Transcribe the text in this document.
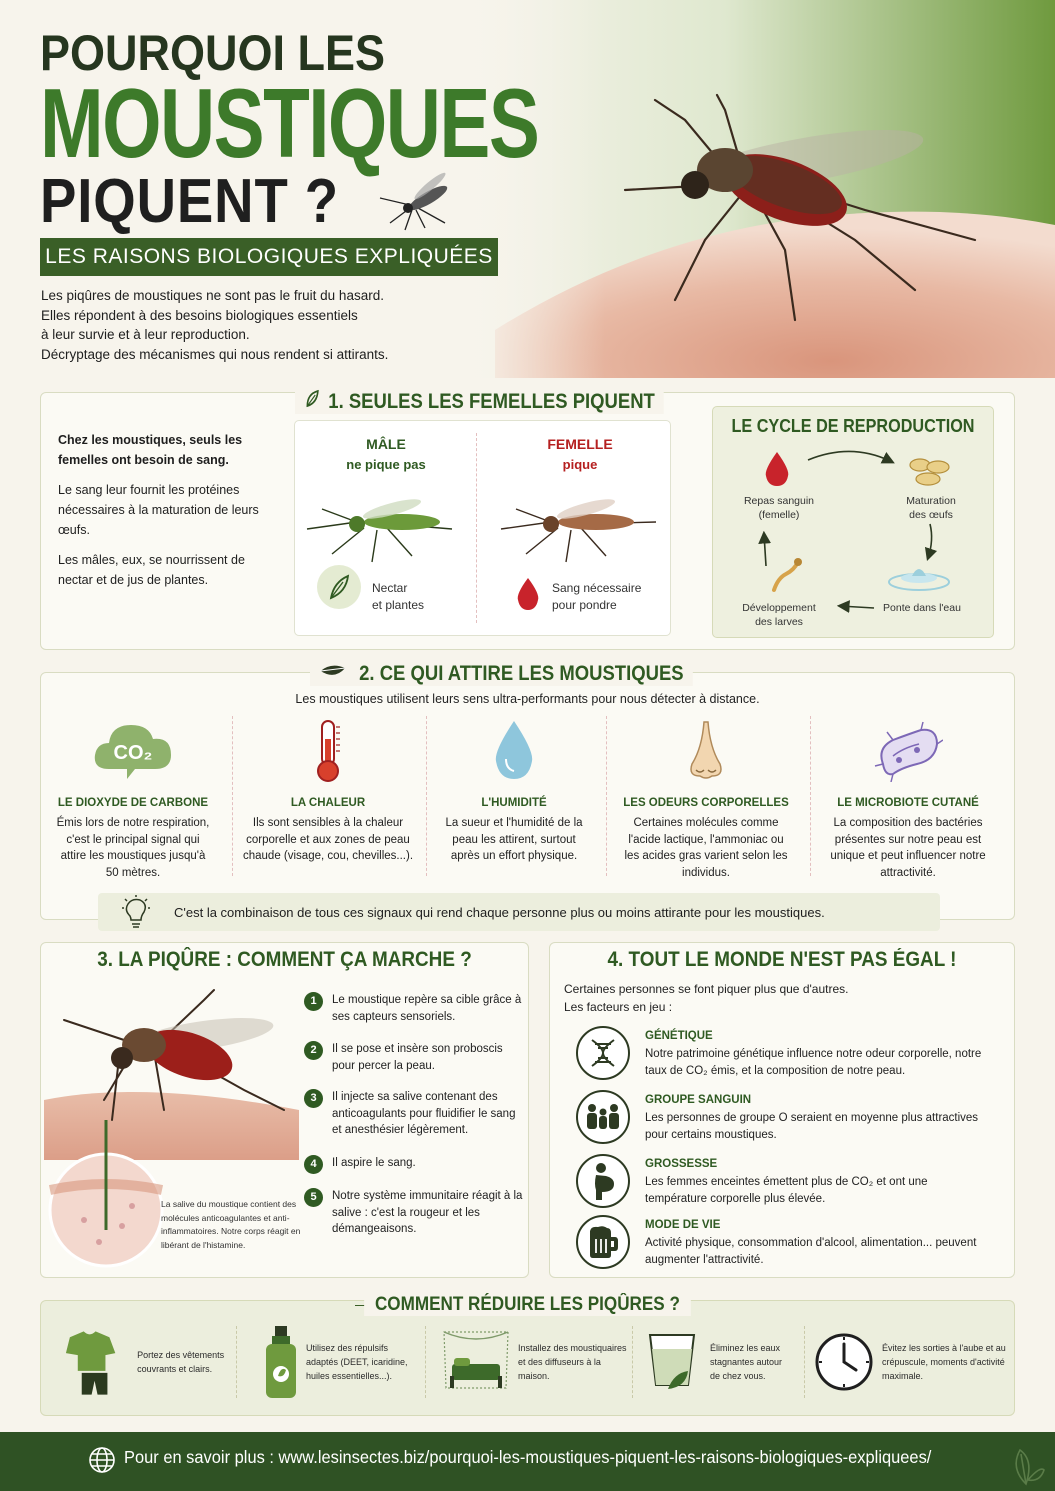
POURQUOI LES
MOUSTIQUES
PIQUENT ?
LES RAISONS BIOLOGIQUES EXPLIQUÉES
Les piqûres de moustiques ne sont pas le fruit du hasard.
Elles répondent à des besoins biologiques essentiels
à leur survie et à leur reproduction.
Décryptage des mécanismes qui nous rendent si attirants.
1. SEULES LES FEMELLES PIQUENT

Chez les moustiques, seuls les femelles ont besoin de sang.

Le sang leur fournit les protéines nécessaires à la maturation de leurs œufs.

Les mâles, eux, se nourrissent de nectar et de jus de plantes.

MÂLE
ne pique pas
FEMELLE
pique
Nectar
et plantes
Sang nécessaire
pour pondre
LE CYCLE DE REPRODUCTION
Repas sanguin
(femelle)
Maturation
des œufs
Ponte dans l'eau
Développement
des larves
2. CE QUI ATTIRE LES MOUSTIQUES
Les moustiques utilisent leurs sens ultra-performants pour nous détecter à distance.
CO₂
LE DIOXYDE DE CARBONE
Émis lors de notre respiration, c'est le principal signal qui attire les moustiques jusqu'à 50 mètres.
LA CHALEUR
Ils sont sensibles à la chaleur corporelle et aux zones de peau chaude (visage, cou, chevilles...).
L'HUMIDITÉ
La sueur et l'humidité de la peau les attirent, surtout après un effort physique.
LES ODEURS CORPORELLES
Certaines molécules comme l'acide lactique, l'ammoniac ou les acides gras varient selon les individus.
LE MICROBIOTE CUTANÉ
La composition des bactéries présentes sur notre peau est unique et peut influencer notre attractivité.
C'est la combinaison de tous ces signaux qui rend chaque personne plus ou moins attirante pour les moustiques.
3. LA PIQÛRE : COMMENT ÇA MARCHE ?
La salive du moustique contient des molécules anticoagulantes et anti-inflammatoires. Notre corps réagit en libérant de l'histamine.
1	Le moustique repère sa cible grâce à ses capteurs sensoriels.
2	Il se pose et insère son proboscis pour percer la peau.
3	Il injecte sa salive contenant des anticoagulants pour fluidifier le sang et anesthésier légèrement.
4	Il aspire le sang.
5	Notre système immunitaire réagit à la salive : c'est la rougeur et les démangeaisons.
4. TOUT LE MONDE N'EST PAS ÉGAL !
Certaines personnes se font piquer plus que d'autres.
Les facteurs en jeu :
GÉNÉTIQUE
Notre patrimoine génétique influence notre odeur corporelle, notre taux de CO₂ émis, et la composition de notre peau.
GROUPE SANGUIN
Les personnes de groupe O seraient en moyenne plus attractives pour certains moustiques.
GROSSESSE
Les femmes enceintes émettent plus de CO₂ et ont une température corporelle plus élevée.
MODE DE VIE
Activité physique, consommation d'alcool, alimentation... peuvent augmenter l'attractivité.
COMMENT RÉDUIRE LES PIQÛRES ?
Portez des vêtements couvrants et clairs.
Utilisez des répulsifs adaptés (DEET, icaridine, huiles essentielles...).
Installez des moustiquaires et des diffuseurs à la maison.
Éliminez les eaux stagnantes autour de chez vous.
Évitez les sorties à l'aube et au crépuscule, moments d'activité maximale.
Pour en savoir plus : www.lesinsectes.biz/pourquoi-les-moustiques-piquent-les-raisons-biologiques-expliquees/
